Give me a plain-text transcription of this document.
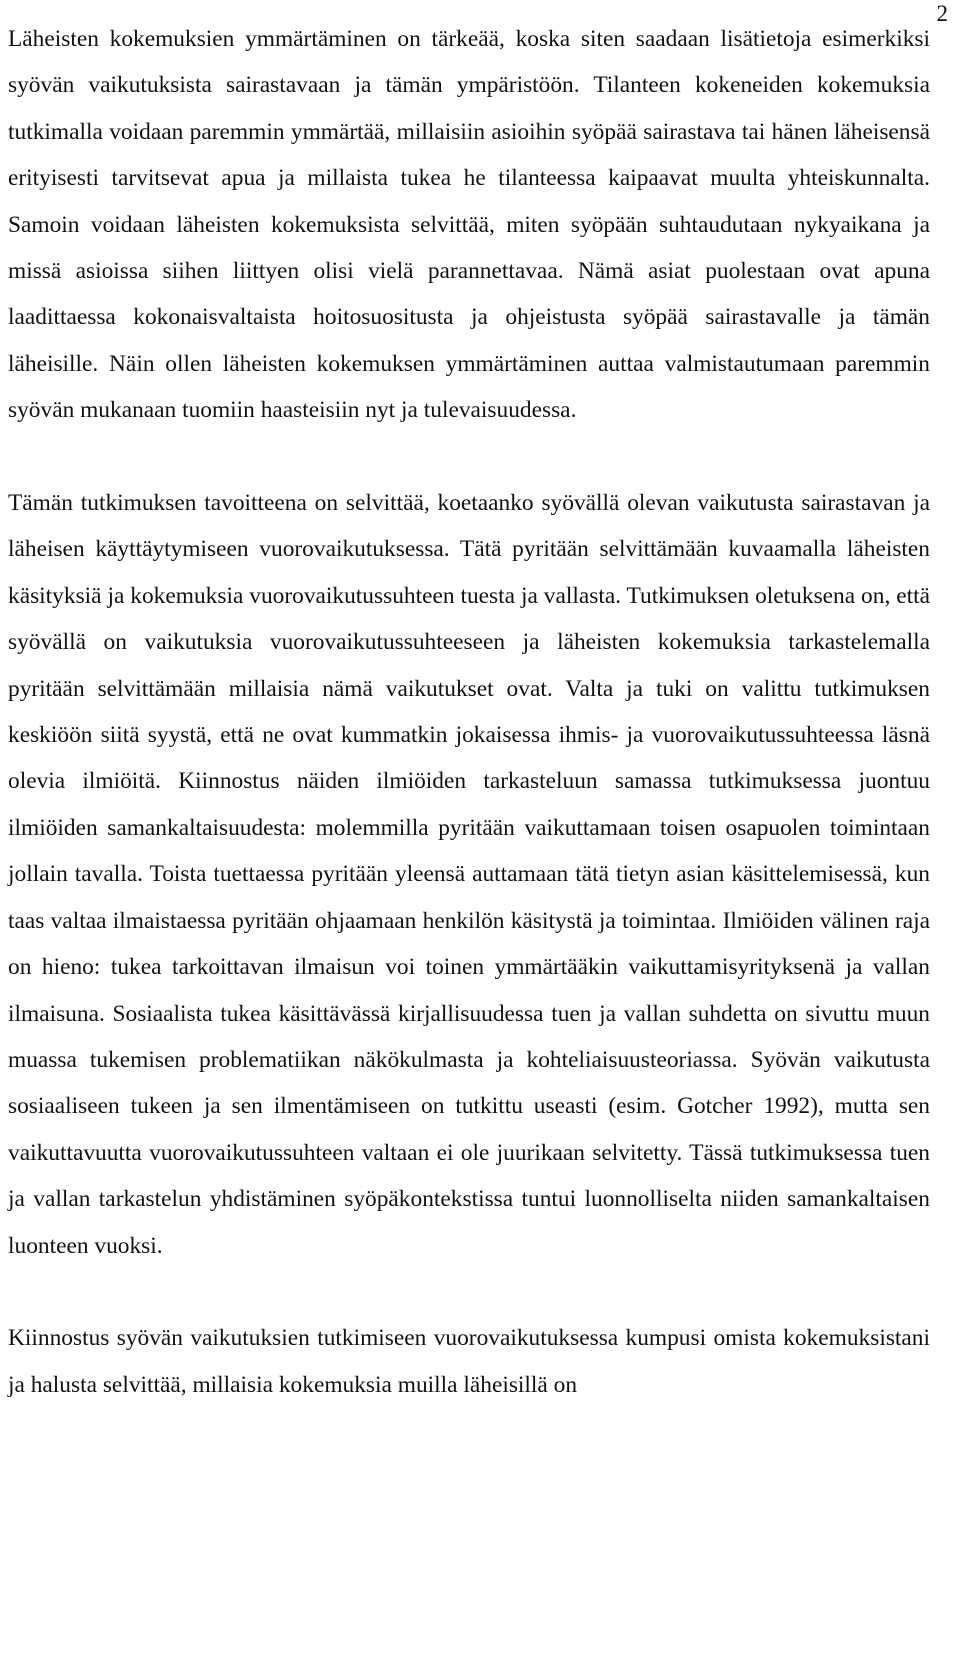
2

Läheisten kokemuksien ymmärtäminen on tärkeää, koska siten saadaan lisätietoja esimerkiksi syövän vaikutuksista sairastavaan ja tämän ympäristöön. Tilanteen kokeneiden kokemuksia tutkimalla voidaan paremmin ymmärtää, millaisiin asioihin syöpää sairastava tai hänen läheisensä erityisesti tarvitsevat apua ja millaista tukea he tilanteessa kaipaavat muulta yhteiskunnalta. Samoin voidaan läheisten kokemuksista selvittää, miten syöpään suhtaudutaan nykyaikana ja missä asioissa siihen liittyen olisi vielä parannettavaa. Nämä asiat puolestaan ovat apuna laadittaessa kokonaisvaltaista hoitosuositusta ja ohjeistusta syöpää sairastavalle ja tämän läheisille. Näin ollen läheisten kokemuksen ymmärtäminen auttaa valmistautumaan paremmin syövän mukanaan tuomiin haasteisiin nyt ja tulevaisuudessa.

Tämän tutkimuksen tavoitteena on selvittää, koetaanko syövällä olevan vaikutusta sairastavan ja läheisen käyttäytymiseen vuorovaikutuksessa. Tätä pyritään selvittämään kuvaamalla läheisten käsityksiä ja kokemuksia vuorovaikutussuhteen tuesta ja vallasta. Tutkimuksen oletuksena on, että syövällä on vaikutuksia vuorovaikutussuhteeseen ja läheisten kokemuksia tarkastelemalla pyritään selvittämään millaisia nämä vaikutukset ovat. Valta ja tuki on valittu tutkimuksen keskiöön siitä syystä, että ne ovat kummatkin jokaisessa ihmis- ja vuorovaikutussuhteessa läsnä olevia ilmiöitä. Kiinnostus näiden ilmiöiden tarkasteluun samassa tutkimuksessa juontuu ilmiöiden samankaltaisuudesta: molemmilla pyritään vaikuttamaan toisen osapuolen toimintaan jollain tavalla. Toista tuettaessa pyritään yleensä auttamaan tätä tietyn asian käsittelemisessä, kun taas valtaa ilmaistaessa pyritään ohjaamaan henkilön käsitystä ja toimintaa. Ilmiöiden välinen raja on hieno: tukea tarkoittavan ilmaisun voi toinen ymmärtääkin vaikuttamisyrityksenä ja vallan ilmaisuna. Sosiaalista tukea käsittävässä kirjallisuudessa tuen ja vallan suhdetta on sivuttu muun muassa tukemisen problematiikan näkökulmasta ja kohteliaisuusteoriassa. Syövän vaikutusta sosiaaliseen tukeen ja sen ilmentämiseen on tutkittu useasti (esim. Gotcher 1992), mutta sen vaikuttavuutta vuorovaikutussuhteen valtaan ei ole juurikaan selvitetty. Tässä tutkimuksessa tuen ja vallan tarkastelun yhdistäminen syöpäkontekstissa tuntui luonnolliselta niiden samankaltaisen luonteen vuoksi.

Kiinnostus syövän vaikutuksien tutkimiseen vuorovaikutuksessa kumpusi omista kokemuksistani ja halusta selvittää, millaisia kokemuksia muilla läheisillä on
